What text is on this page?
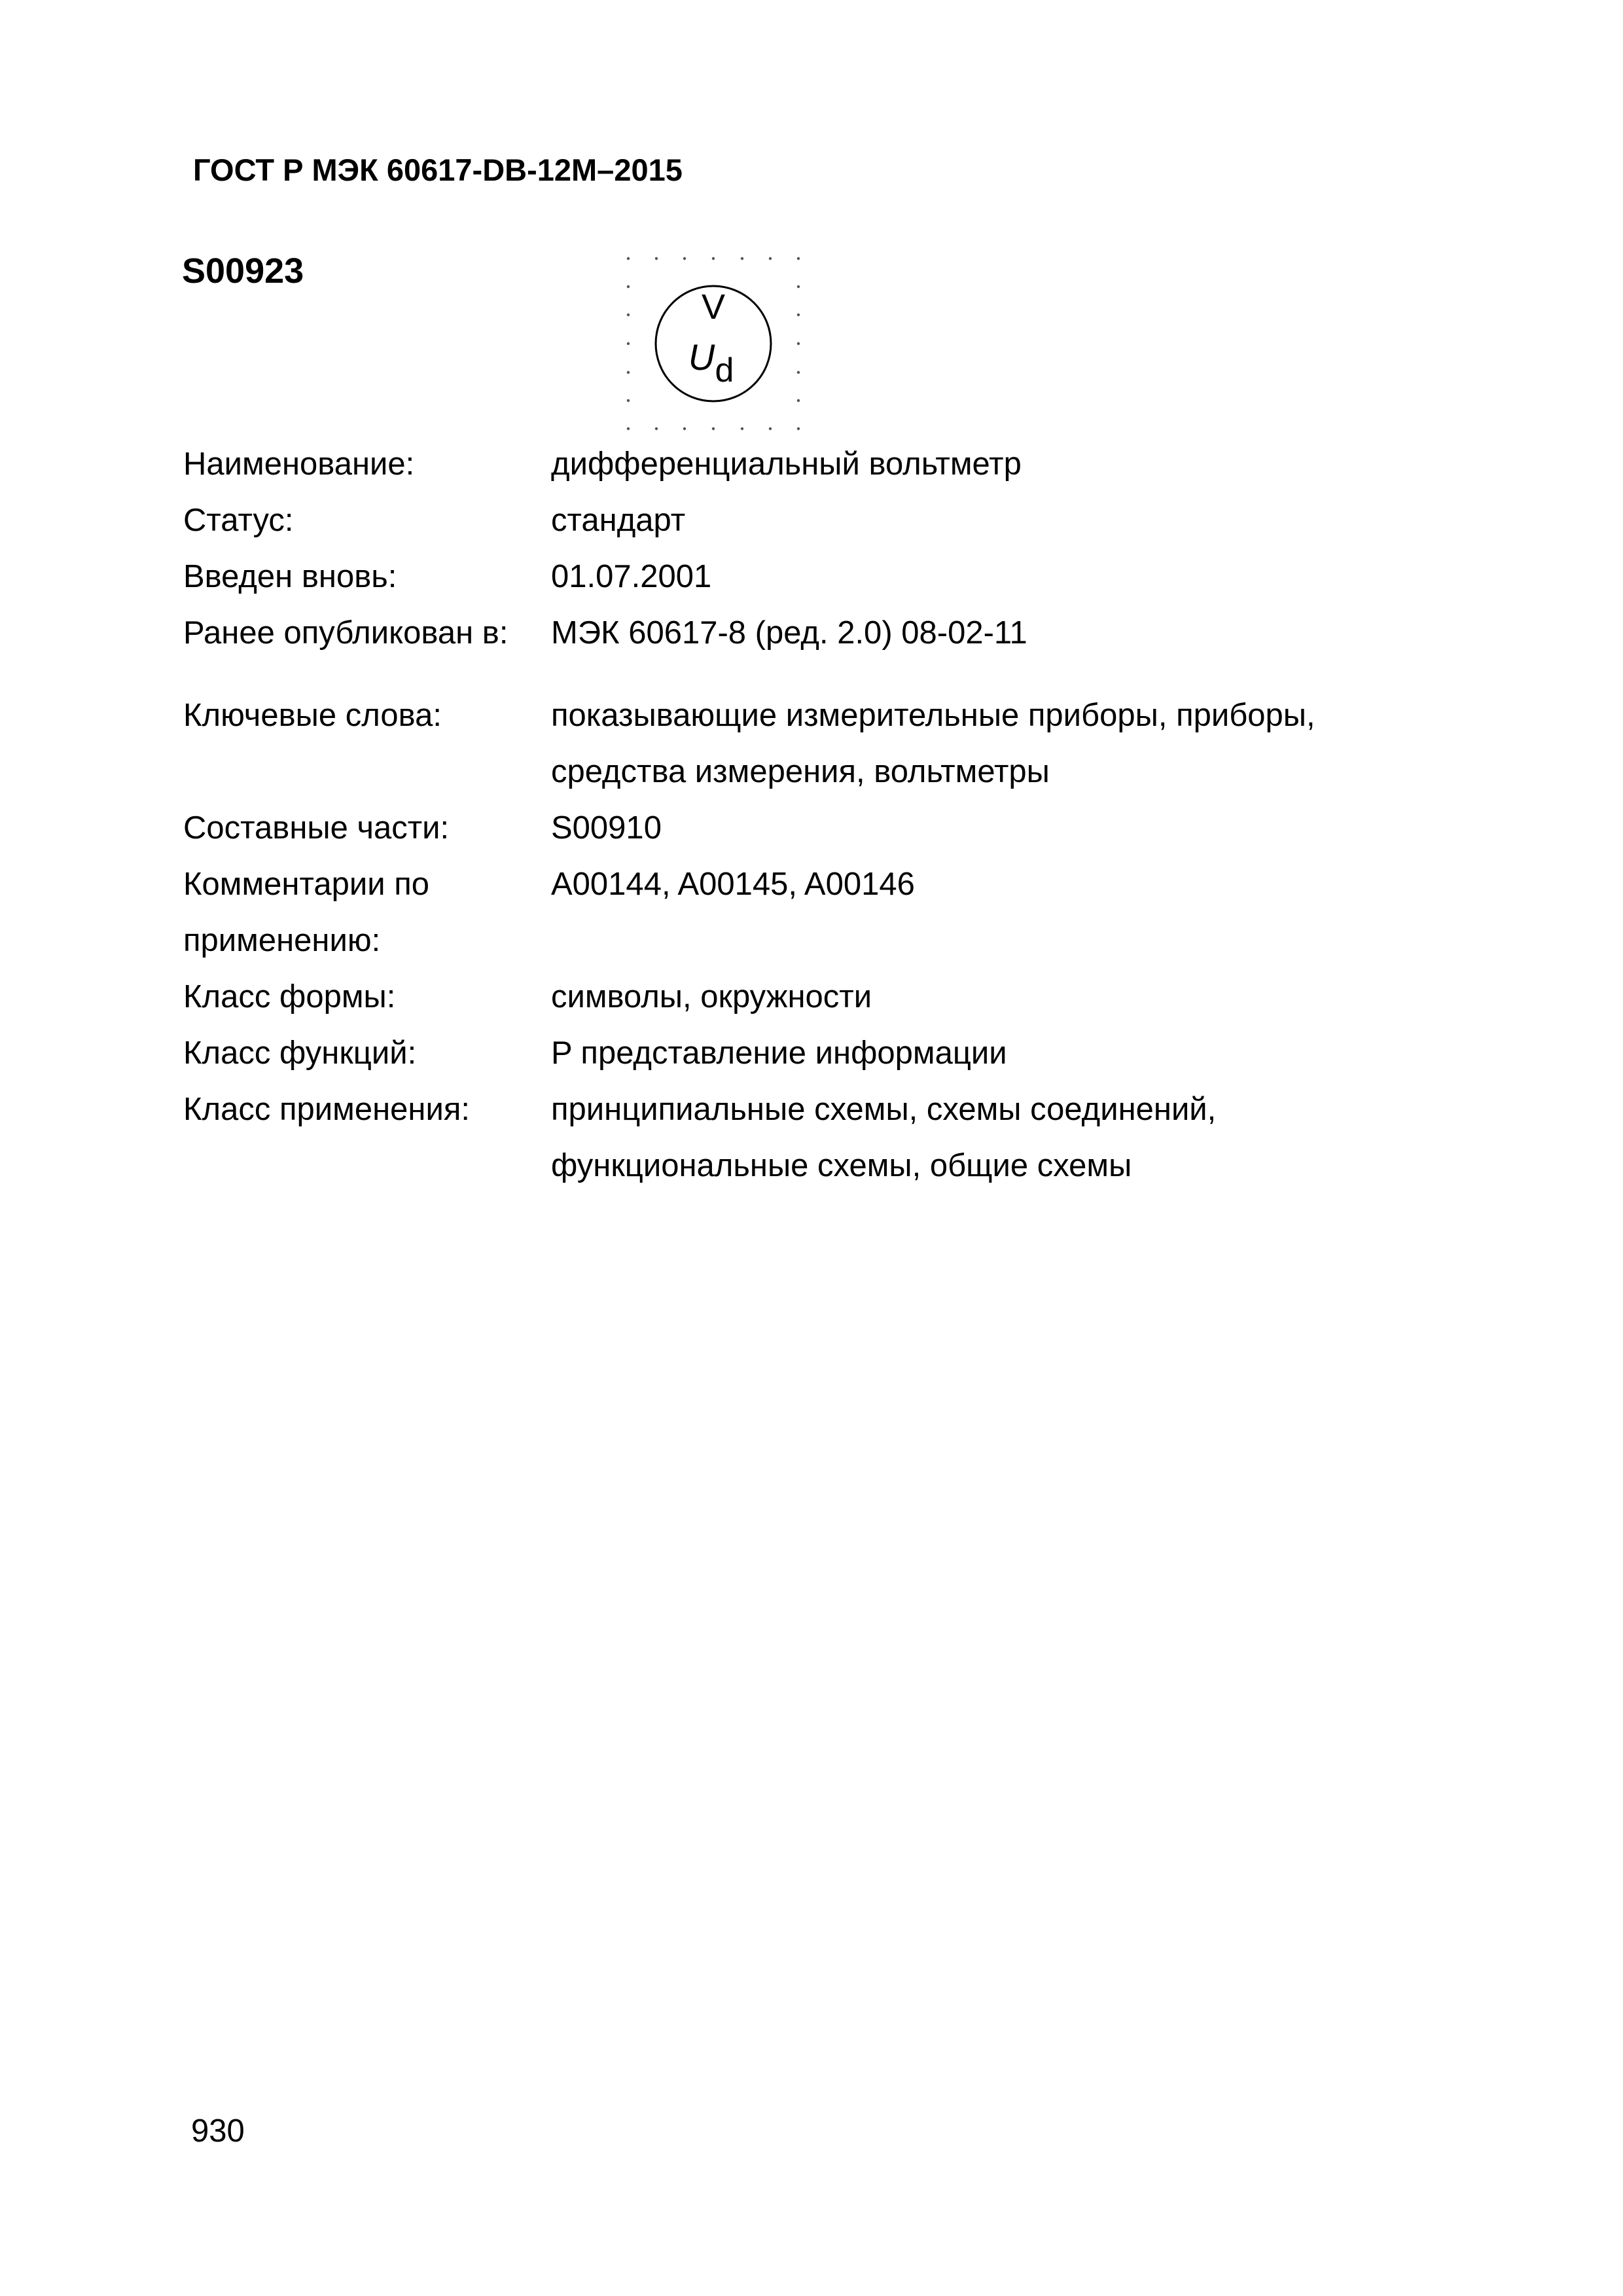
ГОСТ Р МЭК 60617-DB-12M–2015
S00923
V
U d
Наименование:	дифференциальный вольтметр
Статус:	стандарт
Введен вновь:	01.07.2001
Ранее опубликован в: МЭК 60617-8 (ред. 2.0) 08-02-11
Ключевые слова:	показывающие измерительные приборы, приборы,
средства измерения, вольтметры
Составные части:	S00910
Комментарии по	A00144, A00145, A00146
применению:
Класс формы:	символы, окружности
Класс функций:	P представление информации
Класс применения:	принципиальные схемы, схемы соединений,
функциональные схемы, общие схемы
930
